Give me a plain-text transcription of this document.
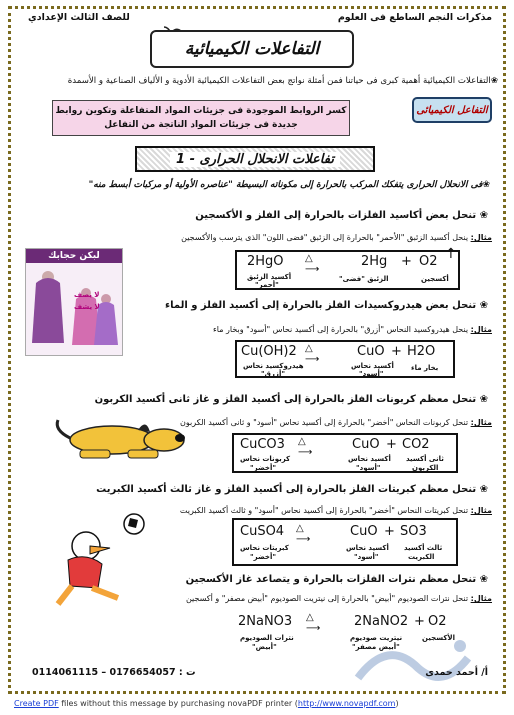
مذكرات النجم الساطع فى العلوم
للصف الثالث الإعدادي
التفاعلات الكيميائية
❀التفاعلات الكيميائية أهمية كبرى فى حياتنا فمن أمثلة نواتج بعض التفاعلات الكيميائية الأدوية و الألياف الصناعية و الأسمدة
التفاعل الكيميائى
كسر الروابط الموجودة فى جزيئات المواد المتفاعلة وتكوين روابط جديدة فى جزيئات المواد الناتجة من التفاعل
1 - تفاعلات الانحلال الحرارى
❀فى الانحلال الحرارى يتفكك المركب بالحرارة إلى مكوناته البسيطة "عناصره الأولية أو مركبات أبسط منه"
❀ تنحل بعض أكاسيد الفلزات بالحرارة إلى الفلز و الأكسجين
مثال: ينحل أكسيد الزئبق "الأحمر" بالحرارة إلى الزئبق "فضى اللون" الذى يترسب والأكسجين
2HgO △
⟶
2Hg + O2 ↑
أكسيد الزئبق
"أحمر"
الزئبق "فضى"	أكسجين
❀ تنحل بعض هيدروكسيدات الفلز بالحرارة إلى أكسيد الفلز و الماء
مثال: ينحل هيدروكسيد النحاس "أزرق" بالحرارة إلى أكسيد نحاس "أسود" وبخار ماء
Cu(OH)2 △
⟶
CuO + H2O
هيدروكسيد نحاس
"أزرق"
أكسيد نحاس
"أسود"
بخار ماء
❀ تنحل معظم كربونات الفلز بالحرارة إلى أكسيد الفلز و غاز ثانى أكسيد الكربون
مثال: تنحل كربونات النحاس "أخضر" بالحرارة إلى أكسيد نحاس "أسود" و ثانى أكسيد الكربون
CuCO3 △
⟶
CuO + CO2
كربونات نحاس
"أخضر"
أكسيد نحاس
"أسود"
ثانى أكسيد
الكربون
❀ تنحل معظم كبريتات الفلز بالحرارة إلى أكسيد الفلز و غاز ثالث أكسيد الكبريت
مثال: تنحل كبريتات النحاس "أخضر" بالحرارة إلى أكسيد نحاس "أسود" و ثالث أكسيد الكبريت
CuSO4 △
⟶
CuO + SO3
كبريتات نحاس
"أخضر"
أكسيد نحاس
"أسود"
ثالث أكسيد
الكبريت
❀ تنحل معظم نترات الفلزات بالحرارة و يتصاعد غاز الأكسجين
مثال: تنحل نترات الصوديوم "أبيض" بالحرارة إلى نيتريت الصوديوم "أبيض مصفر" و أكسجين
2NaNO3 △
⟶	2NaNO2 + O2
نترات الصوديوم
"أبيض"
نيتريت صوديوم
"أبيض مصفر"
الأكسجين
لبكن حجابك
لا يصف
لا يشف
0114061115 – 0176654057 : ت	أ/ أحمد حمدى
Create PDF files without this message by purchasing novaPDF printer (http://www.novapdf.com)
